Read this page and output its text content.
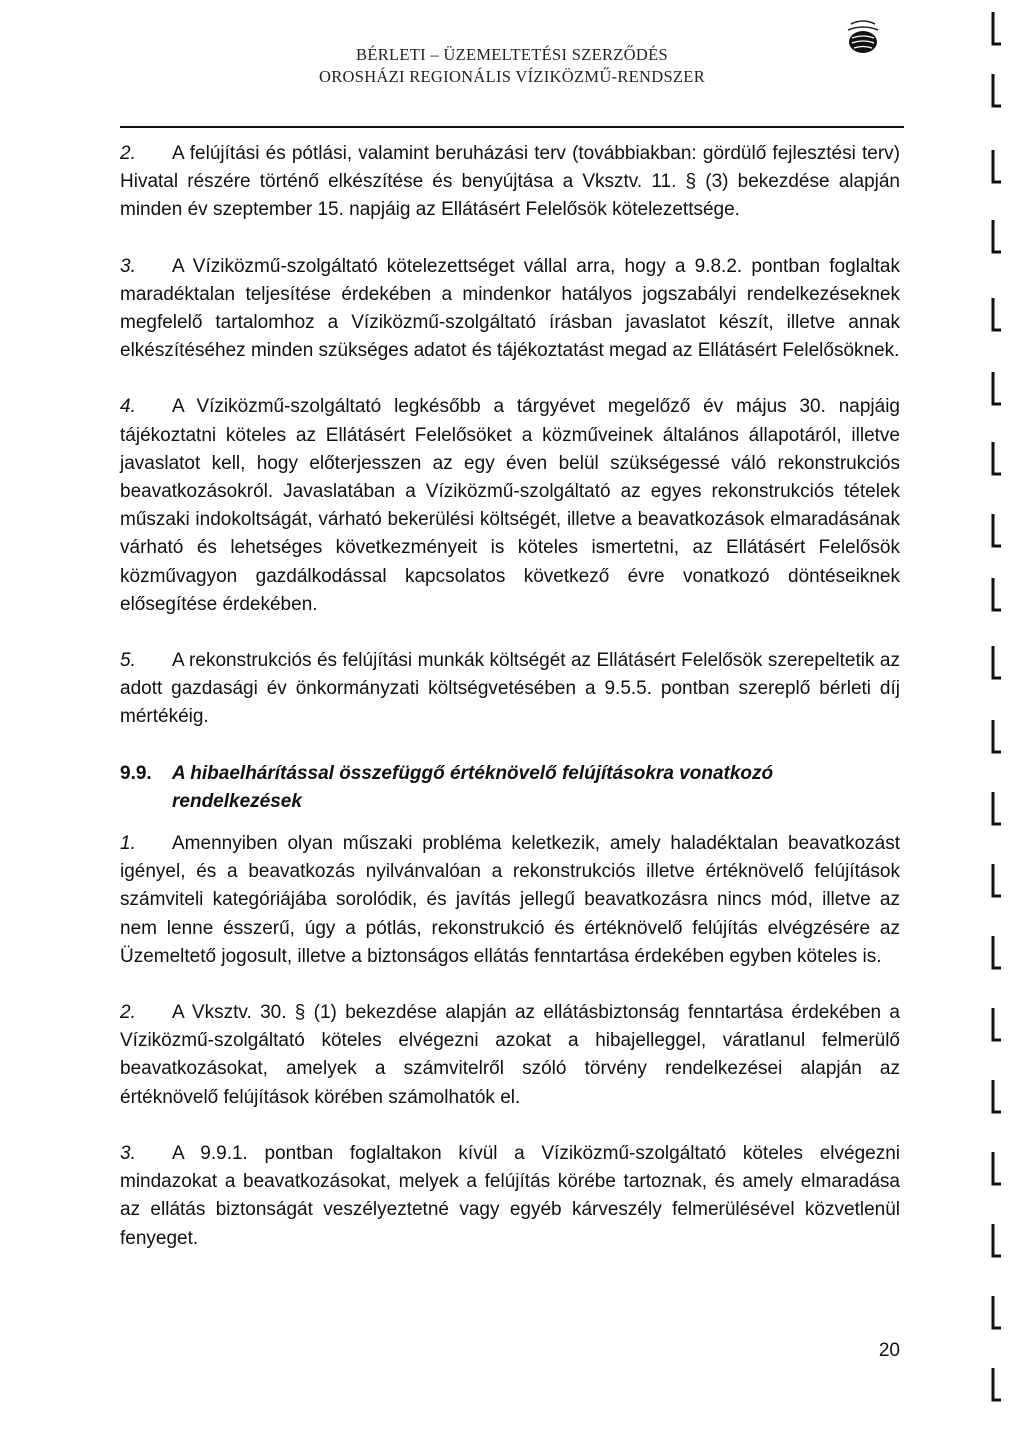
BÉRLETI – ÜZEMELTETÉSI SZERZŐDÉS
OROSHÁZI REGIONÁLIS VÍZIKÖZMŰ-RENDSZER

2. A felújítási és pótlási, valamint beruházási terv (továbbiakban: gördülő fejlesztési terv) Hivatal részére történő elkészítése és benyújtása a Vksztv. 11. § (3) bekezdése alapján minden év szeptember 15. napjáig az Ellátásért Felelősök kötelezettsége.

3. A Víziközmű-szolgáltató kötelezettséget vállal arra, hogy a 9.8.2. pontban foglaltak maradéktalan teljesítése érdekében a mindenkor hatályos jogszabályi rendelkezéseknek megfelelő tartalomhoz a Víziközmű-szolgáltató írásban javaslatot készít, illetve annak elkészítéséhez minden szükséges adatot és tájékoztatást megad az Ellátásért Felelősöknek.

4. A Víziközmű-szolgáltató legkésőbb a tárgyévet megelőző év május 30. napjáig tájékoztatni köteles az Ellátásért Felelősöket a közműveinek általános állapotáról, illetve javaslatot kell, hogy előterjesszen az egy éven belül szükségessé váló rekonstrukciós beavatkozásokról. Javaslatában a Víziközmű-szolgáltató az egyes rekonstrukciós tételek műszaki indokoltságát, várható bekerülési költségét, illetve a beavatkozások elmaradásának várható és lehetséges következményeit is köteles ismertetni, az Ellátásért Felelősök közművagyon gazdálkodással kapcsolatos következő évre vonatkozó döntéseiknek elősegítése érdekében.

5. A rekonstrukciós és felújítási munkák költségét az Ellátásért Felelősök szerepeltetik az adott gazdasági év önkormányzati költségvetésében a 9.5.5. pontban szereplő bérleti díj mértékéig.

9.9.	A hibaelhárítással összefüggő értéknövelő felújításokra vonatkozó rendelkezések

1. Amennyiben olyan műszaki probléma keletkezik, amely haladéktalan beavatkozást igényel, és a beavatkozás nyilvánvalóan a rekonstrukciós illetve értéknövelő felújítások számviteli kategóriájába sorolódik, és javítás jellegű beavatkozásra nincs mód, illetve az nem lenne ésszerű, úgy a pótlás, rekonstrukció és értéknövelő felújítás elvégzésére az Üzemeltető jogosult, illetve a biztonságos ellátás fenntartása érdekében egyben köteles is.

2. A Vksztv. 30. § (1) bekezdése alapján az ellátásbiztonság fenntartása érdekében a Víziközmű-szolgáltató köteles elvégezni azokat a hibajelleggel, váratlanul felmerülő beavatkozásokat, amelyek a számvitelről szóló törvény rendelkezései alapján az értéknövelő felújítások körében számolhatók el.

3. A 9.9.1. pontban foglaltakon kívül a Víziközmű-szolgáltató köteles elvégezni mindazokat a beavatkozásokat, melyek a felújítás körébe tartoznak, és amely elmaradása az ellátás biztonságát veszélyeztetné vagy egyéb kárveszély felmerülésével közvetlenül fenyeget.

20
